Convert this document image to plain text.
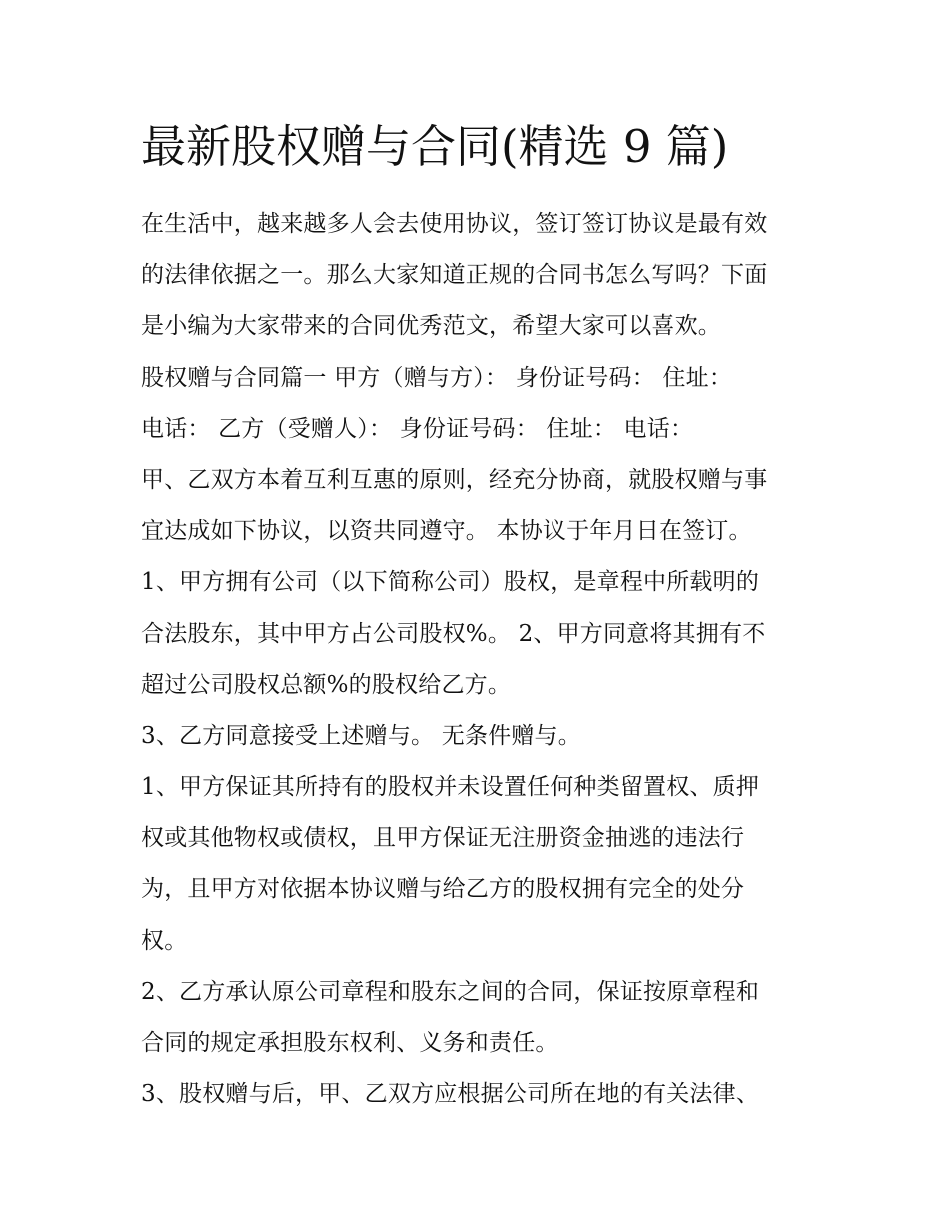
最新股权赠与合同(精选 9 篇)
在生活中，越来越多人会去使用协议，签订签订协议是最有效
的法律依据之一。那么大家知道正规的合同书怎么写吗？下面
是小编为大家带来的合同优秀范文，希望大家可以喜欢。
股权赠与合同篇一 甲方（赠与方）： 身份证号码： 住址：
电话： 乙方（受赠人）： 身份证号码： 住址： 电话：
甲、乙双方本着互利互惠的原则，经充分协商，就股权赠与事
宜达成如下协议，以资共同遵守。 本协议于年月日在签订。
1、甲方拥有公司（以下简称公司）股权，是章程中所载明的
合法股东，其中甲方占公司股权%。 2、甲方同意将其拥有不
超过公司股权总额%的股权给乙方。
3、乙方同意接受上述赠与。 无条件赠与。
1、甲方保证其所持有的股权并未设置任何种类留置权、质押
权或其他物权或债权，且甲方保证无注册资金抽逃的违法行
为，且甲方对依据本协议赠与给乙方的股权拥有完全的处分
权。
2、乙方承认原公司章程和股东之间的合同，保证按原章程和
合同的规定承担股东权利、义务和责任。
3、股权赠与后，甲、乙双方应根据公司所在地的有关法律、
